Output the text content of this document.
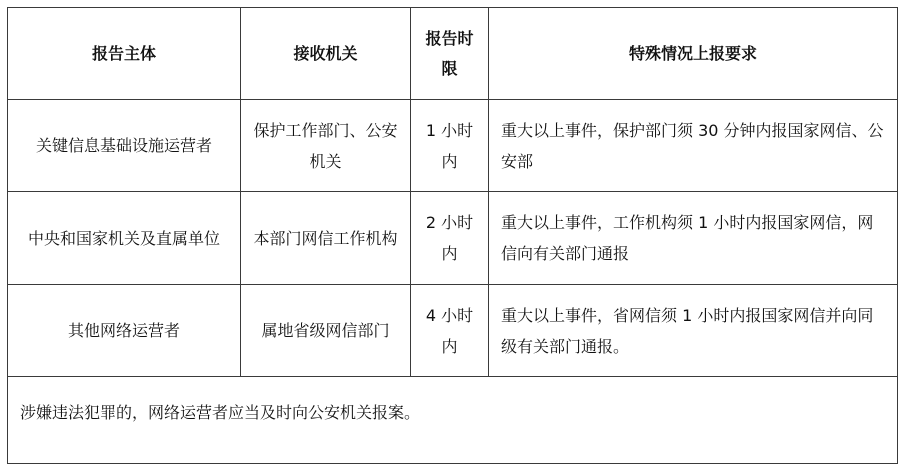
报告主体	接收机关	报告时限	特殊情况上报要求

关键信息基础设施运营者	保护工作部门、公安机关	1 小时内	重大以上事件，保护部门须 30 分钟内报国家网信、公安部

中央和国家机关及直属单位	本部门网信工作机构	2 小时内	重大以上事件，工作机构须 1 小时内报国家网信，网信向有关部门通报

其他网络运营者	属地省级网信部门	4 小时内	重大以上事件，省网信须 1 小时内报国家网信并向同级有关部门通报。

涉嫌违法犯罪的，网络运营者应当及时向公安机关报案。			
